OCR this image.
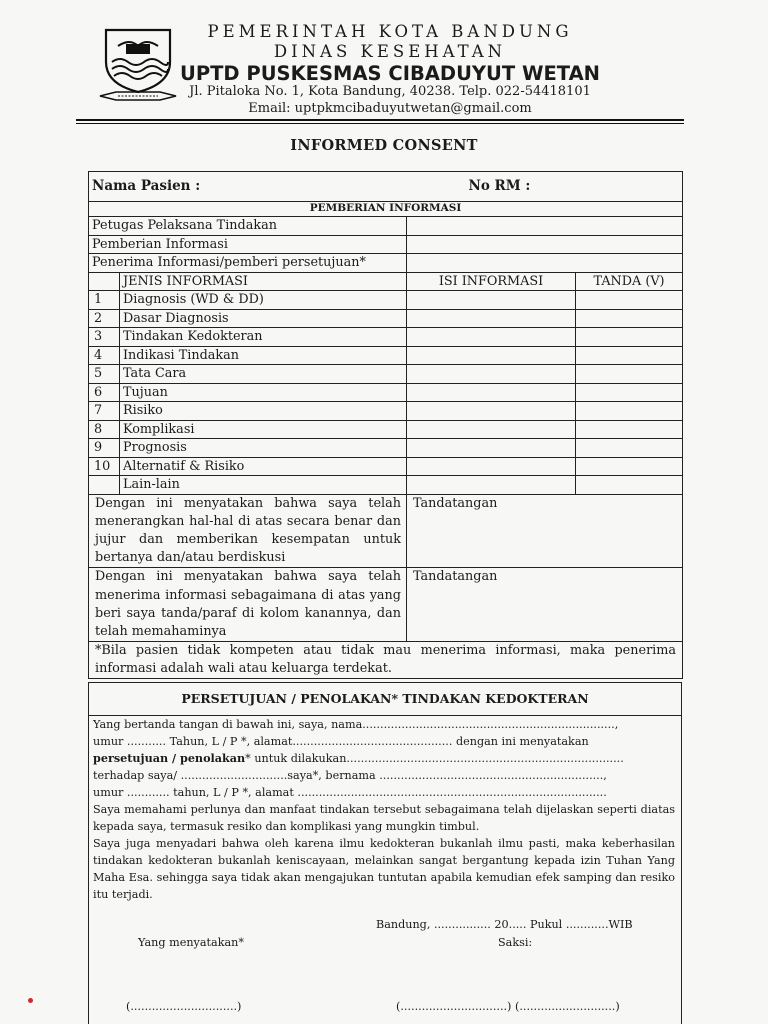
PEMERINTAH KOTA BANDUNG
DINAS KESEHATAN
UPTD PUSKESMAS CIBADUYUT WETAN
Jl. Pitaloka No. 1, Kota Bandung, 40238. Telp. 022-54418101
Email: uptpkmcibaduyutwetan@gmail.com
INFORMED CONSENT
Nama Pasien : No RM :			

PEMBERIAN INFORMASI			
Petugas Pelaksana Tindakan			
Pemberian Informasi			
Penerima Informasi/pemberi persetujuan*			
	JENIS INFORMASI	ISI INFORMASI	TANDA (V)
1	Diagnosis (WD & DD)		
2	Dasar Diagnosis		
3	Tindakan Kedokteran		
4	Indikasi Tindakan		
5	Tata Cara		
6	Tujuan		
7	Risiko		
8	Komplikasi		
9	Prognosis		
10	Alternatif & Risiko		
	Lain-lain		
Dengan ini menyatakan bahwa saya telah menerangkan hal-hal di atas secara benar dan jujur dan memberikan kesempatan untuk bertanya dan/atau berdiskusi		Tandatangan	
Dengan ini menyatakan bahwa saya telah menerima informasi sebagaimana di atas yang beri saya tanda/paraf di kolom kanannya, dan telah memahaminya		Tandatangan	
*Bila pasien tidak kompeten atau tidak mau menerima informasi, maka penerima informasi adalah wali atau keluarga terdekat.			
PERSETUJUAN / PENOLAKAN* TINDAKAN KEDOKTERAN
Yang bertanda tangan di bawah ini, saya, nama.......................................................................,
umur ........... Tahun, L / P *, alamat............................................. dengan ini menyatakan
persetujuan / penolakan* untuk dilakukan..............................................................................
terhadap saya/ ..............................saya*, bernama ...............................................................,
umur ............ tahun, L / P *, alamat .......................................................................................
Saya memahami perlunya dan manfaat tindakan tersebut sebagaimana telah dijelaskan seperti diatas kepada saya, termasuk resiko dan komplikasi yang mungkin timbul.
Saya juga menyadari bahwa oleh karena ilmu kedokteran bukanlah ilmu pasti, maka keberhasilan tindakan kedokteran bukanlah keniscayaan, melainkan sangat bergantung kepada izin Tuhan Yang Maha Esa. sehingga saya tidak akan mengajukan tuntutan apabila kemudian efek samping dan resiko itu terjadi.
Bandung, ................ 20..... Pukul ............WIB
Yang menyatakan*	Saksi:
(..............................)	(..............................) (...........................)
